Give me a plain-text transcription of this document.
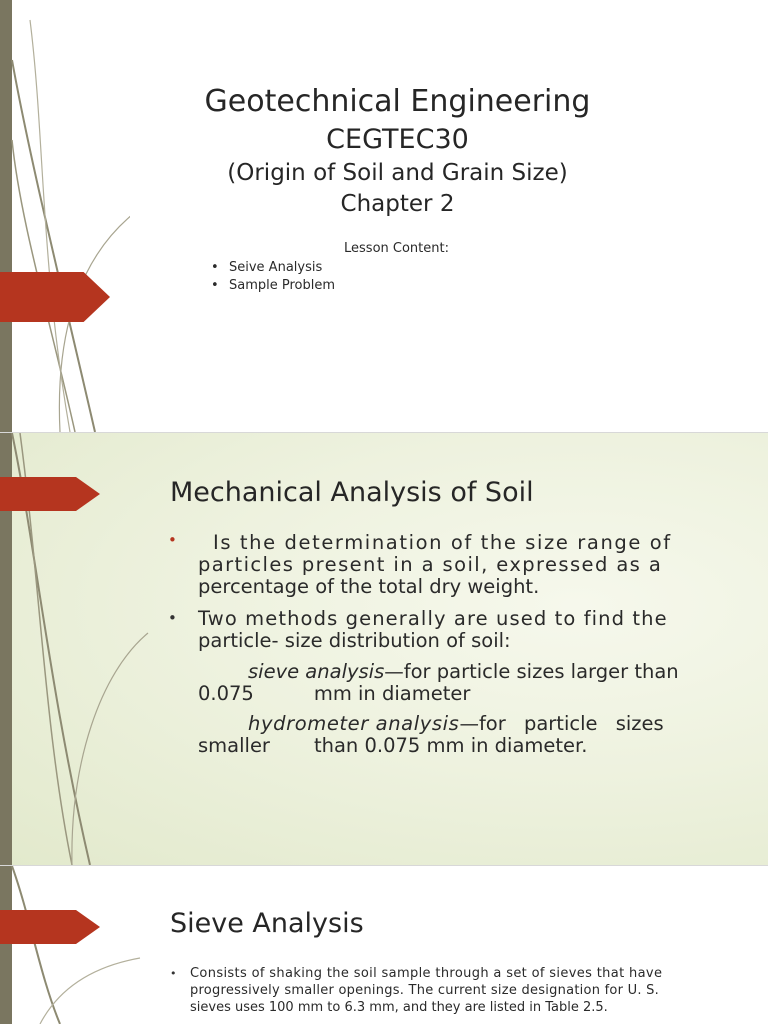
Geotechnical Engineering
CEGTEC30
(Origin of Soil and Grain Size)
Chapter 2
Lesson Content:
• Seive Analysis
• Sample Problem
Mechanical Analysis of Soil
• Is the determination of the size range of
particles present in a soil, expressed as a
percentage of the total dry weight.
• Two methods generally are used to find the
particle- size distribution of soil:
sieve analysis—for particle sizes larger than
0.075	mm in diameter
hydrometer analysis—for particle sizes
smaller than 0.075 mm in diameter.
Sieve Analysis
• Consists of shaking the soil sample through a set of sieves that have
progressively smaller openings. The current size designation for U. S.
sieves uses 100 mm to 6.3 mm, and they are listed in Table 2.5.
